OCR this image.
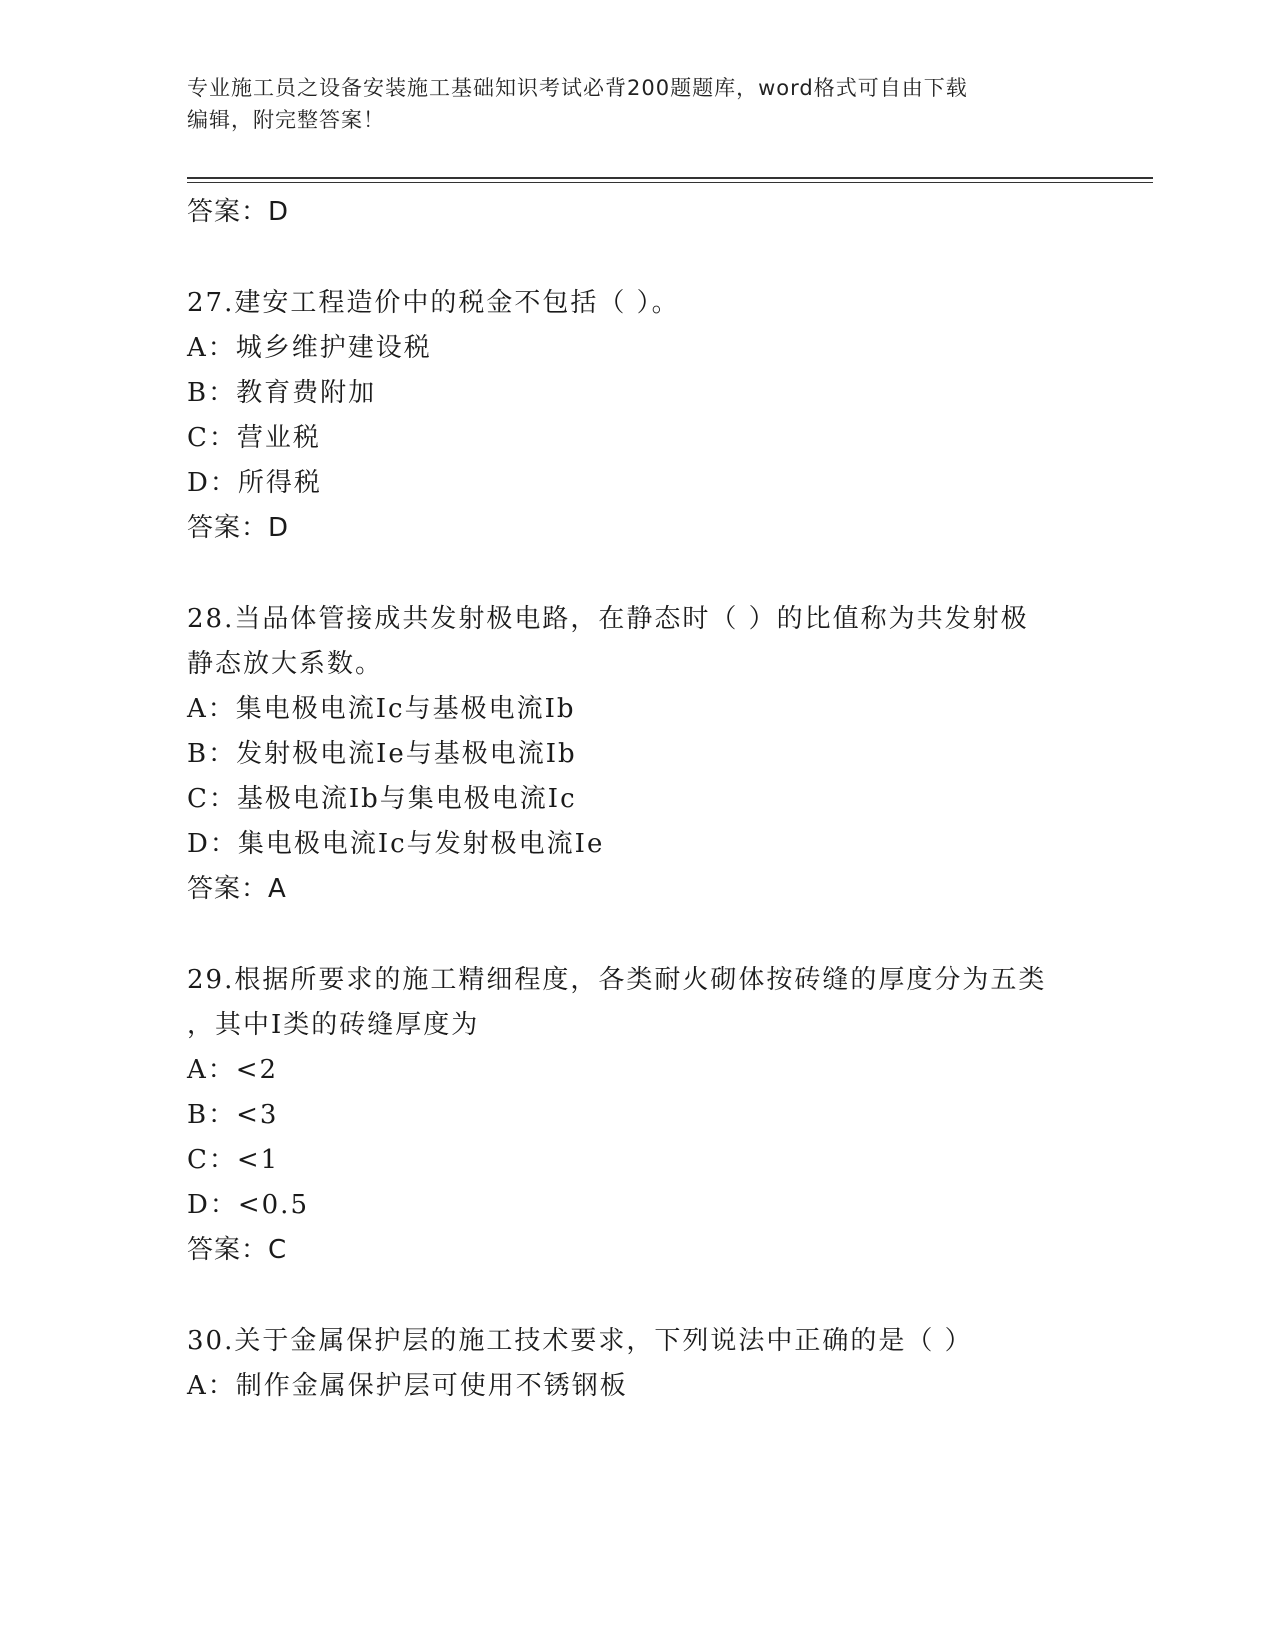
专业施工员之设备安装施工基础知识考试必背200题题库，word格式可自由下载
编辑，附完整答案！
答案：D
27.建安工程造价中的税金不包括（ ）。
A：城乡维护建设税
B：教育费附加
C：营业税
D：所得税
答案：D
28.当品体管接成共发射极电路，在静态时（ ）的比值称为共发射极
静态放大系数。
A：集电极电流Ic与基极电流Ib
B：发射极电流Ie与基极电流Ib
C：基极电流Ib与集电极电流Ic
D：集电极电流Ic与发射极电流Ie
答案：A
29.根据所要求的施工精细程度，各类耐火砌体按砖缝的厚度分为五类
，其中I类的砖缝厚度为
A：<2
B：<3
C：<1
D：<0.5
答案：C
30.关于金属保护层的施工技术要求，下列说法中正确的是（ ）
A：制作金属保护层可使用不锈钢板
